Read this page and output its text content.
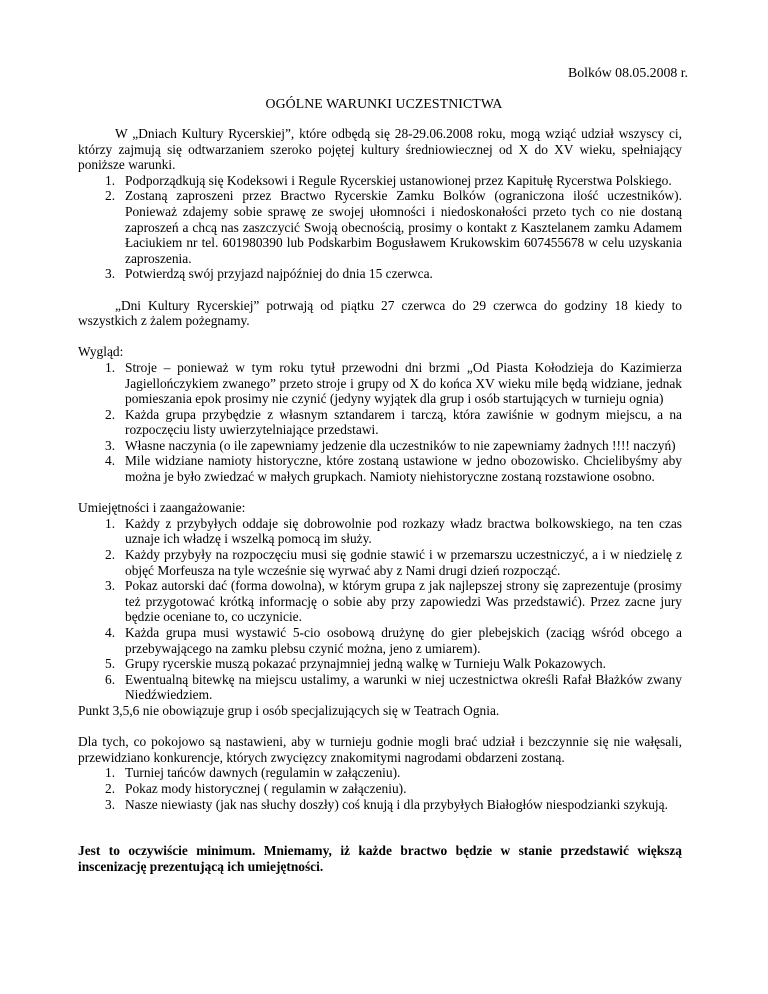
Bolków 08.05.2008 r.
OGÓLNE WARUNKI UCZESTNICTWA

W „Dniach Kultury Rycerskiej”, które odbędą się 28-29.06.2008 roku, mogą wziąć udział wszyscy ci, którzy zajmują się odtwarzaniem szeroko pojętej kultury średniowiecznej od X do XV wieku, spełniający poniższe warunki.

1. Podporządkują się Kodeksowi i Regule Rycerskiej ustanowionej przez Kapitułę Rycerstwa Polskiego.
2. Zostaną zaproszeni przez Bractwo Rycerskie Zamku Bolków (ograniczona ilość uczestników). Ponieważ zdajemy sobie sprawę ze swojej ułomności i niedoskonałości przeto tych co nie dostaną zaproszeń a chcą nas zaszczycić Swoją obecnością, prosimy o kontakt z Kasztelanem zamku Adamem Łaciukiem nr tel. 601980390 lub Podskarbim Bogusławem Krukowskim 607455678 w celu uzyskania zaproszenia.
3. Potwierdzą swój przyjazd najpóźniej do dnia 15 czerwca.

„Dni Kultury Rycerskiej” potrwają od piątku 27 czerwca do 29 czerwca do godziny 18 kiedy to wszystkich z żalem pożegnamy.

Wygląd:

1. Stroje – ponieważ w tym roku tytuł przewodni dni brzmi „Od Piasta Kołodzieja do Kazimierza Jagiellończykiem zwanego” przeto stroje i grupy od X do końca XV wieku mile będą widziane, jednak pomieszania epok prosimy nie czynić (jedyny wyjątek dla grup i osób startujących w turnieju ognia)
2. Każda grupa przybędzie z własnym sztandarem i tarczą, która zawiśnie w godnym miejscu, a na rozpoczęciu listy uwierzytelniające przedstawi.
3. Własne naczynia (o ile zapewniamy jedzenie dla uczestników to nie zapewniamy żadnych !!!! naczyń)
4. Mile widziane namioty historyczne, które zostaną ustawione w jedno obozowisko. Chcielibyśmy aby można je było zwiedzać w małych grupkach. Namioty niehistoryczne zostaną rozstawione osobno.

Umiejętności i zaangażowanie:

1. Każdy z przybyłych oddaje się dobrowolnie pod rozkazy władz bractwa bolkowskiego, na ten czas uznaje ich władzę i wszelką pomocą im służy.
2. Każdy przybyły na rozpoczęciu musi się godnie stawić i w przemarszu uczestniczyć, a i w niedzielę z objęć Morfeusza na tyle wcześnie się wyrwać aby z Nami drugi dzień rozpocząć.
3. Pokaz autorski dać (forma dowolna), w którym grupa z jak najlepszej strony się zaprezentuje (prosimy też przygotować krótką informację o sobie aby przy zapowiedzi Was przedstawić). Przez zacne jury będzie oceniane to, co uczynicie.
4. Każda grupa musi wystawić 5-cio osobową drużynę do gier plebejskich (zaciąg wśród obcego a przebywającego na zamku plebsu czynić można, jeno z umiarem).
5. Grupy rycerskie muszą pokazać przynajmniej jedną walkę w Turnieju Walk Pokazowych.
6. Ewentualną bitewkę na miejscu ustalimy, a warunki w niej uczestnictwa określi Rafał Błażków zwany Niedźwiedziem.

Punkt 3,5,6 nie obowiązuje grup i osób specjalizujących się w Teatrach Ognia.

Dla tych, co pokojowo są nastawieni, aby w turnieju godnie mogli brać udział i bezczynnie się nie wałęsali, przewidziano konkurencje, których zwycięzcy znakomitymi nagrodami obdarzeni zostaną.

1. Turniej tańców dawnych (regulamin w załączeniu).
2. Pokaz mody historycznej ( regulamin w załączeniu).
3. Nasze niewiasty (jak nas słuchy doszły) coś knują i dla przybyłych Białogłów niespodzianki szykują.

Jest to oczywiście minimum. Mniemamy, iż każde bractwo będzie w stanie przedstawić większą inscenizację prezentującą ich umiejętności.
